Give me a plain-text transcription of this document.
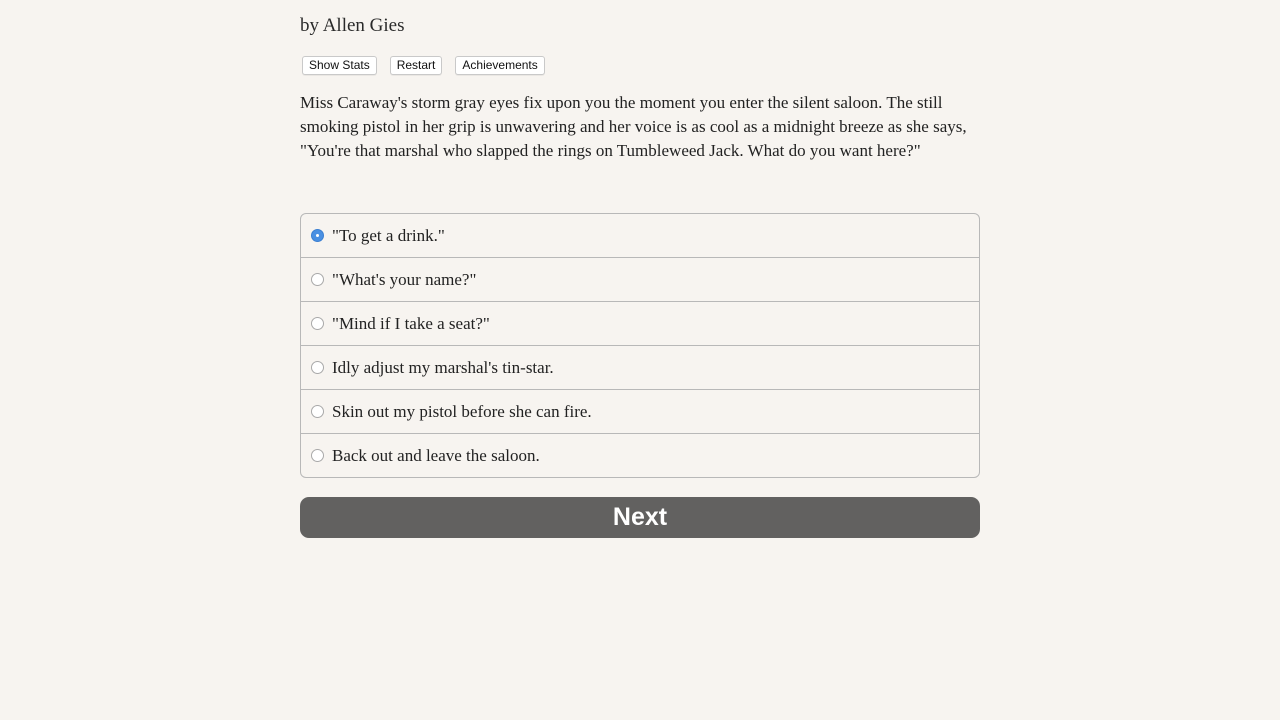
by Allen Gies
Show Stats	Restart	Achievements

Miss Caraway's storm gray eyes fix upon you the moment you enter the silent saloon. The still smoking pistol in her grip is unwavering and her voice is as cool as a midnight breeze as she says, "You're that marshal who slapped the rings on Tumbleweed Jack. What do you want here?"

"To get a drink."
"What's your name?"
"Mind if I take a seat?"
Idly adjust my marshal's tin-star.
Skin out my pistol before she can fire.
Back out and leave the saloon.
Next
